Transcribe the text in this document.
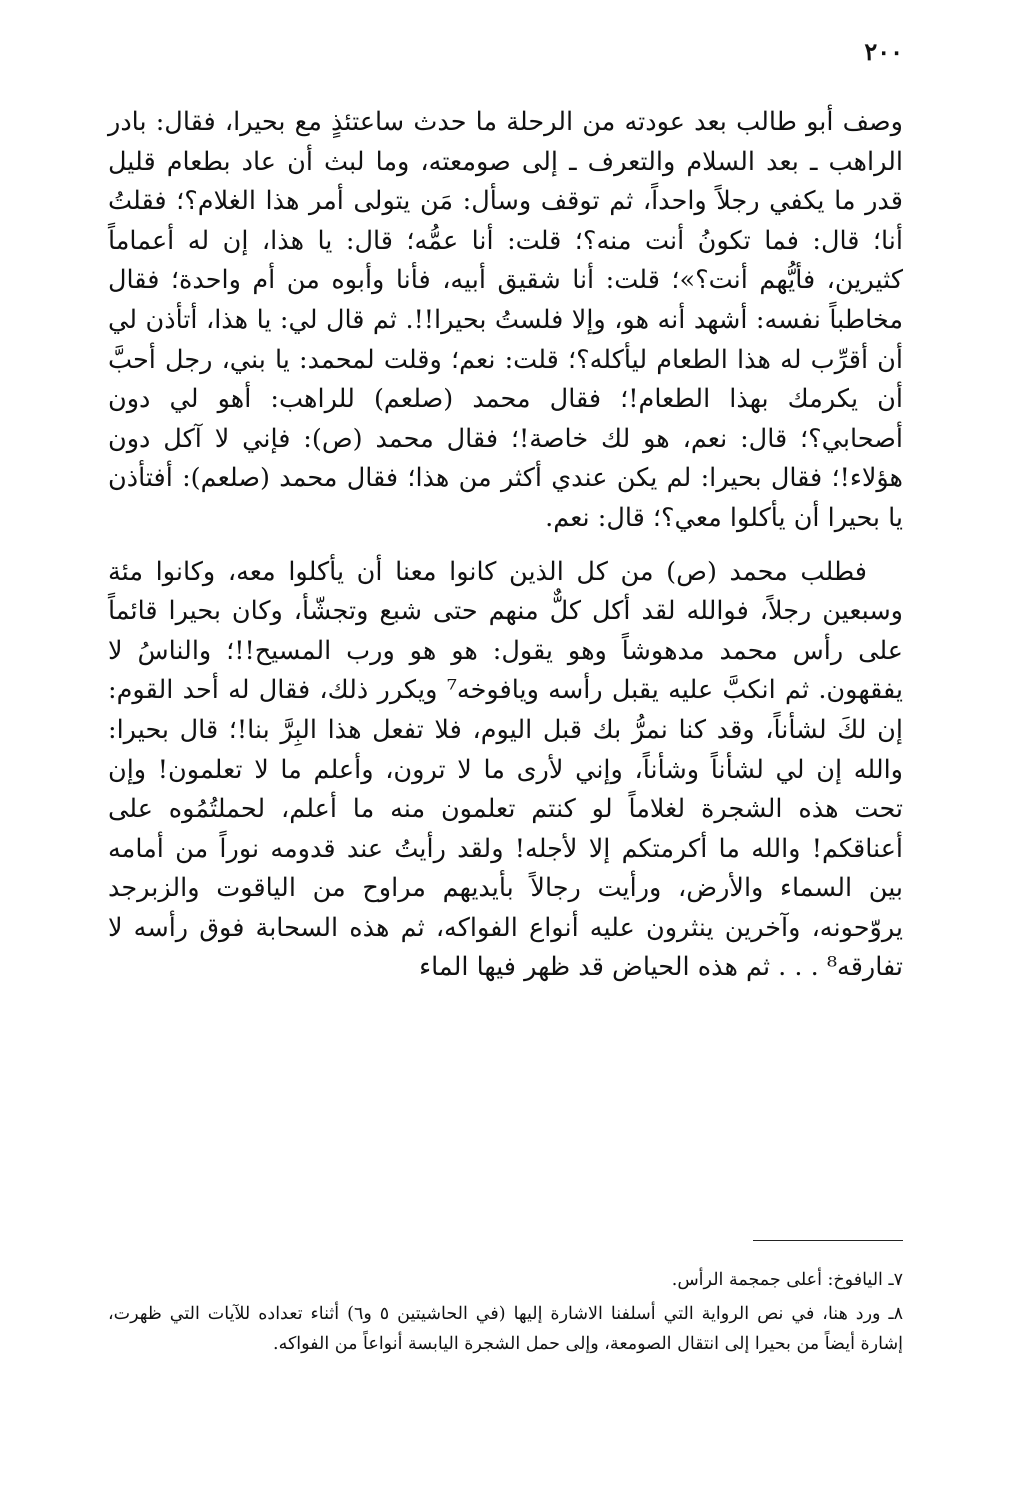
٢٠٠

وصف أبو طالب بعد عودته من الرحلة ما حدث ساعتئذٍ مع بحيرا، فقال: بادر الراهب ـ بعد السلام والتعرف ـ إلى صومعته، وما لبث أن عاد بطعام قليل قدر ما يكفي رجلاً واحداً، ثم توقف وسأل: مَن يتولى أمر هذا الغلام؟؛ فقلتُ أنا؛ قال: فما تكونُ أنت منه؟؛ قلت: أنا عمُّه؛ قال: يا هذا، إن له أعماماً كثيرين، فأيُّهم أنت؟»؛ قلت: أنا شقيق أبيه، فأنا وأبوه من أم واحدة؛ فقال مخاطباً نفسه: أشهد أنه هو، وإلا فلستُ بحيرا!!. ثم قال لي: يا هذا، أتأذن لي أن أقرِّب له هذا الطعام ليأكله؟؛ قلت: نعم؛ وقلت لمحمد: يا بني، رجل أحبَّ أن يكرمك بهذا الطعام!؛ فقال محمد (صلعم) للراهب: أهو لي دون أصحابي؟؛ قال: نعم، هو لك خاصة!؛ فقال محمد (ص): فإني لا آكل دون هؤلاء!؛ فقال بحيرا: لم يكن عندي أكثر من هذا؛ فقال محمد (صلعم): أفتأذن يا بحيرا أن يأكلوا معي؟؛ قال: نعم.

فطلب محمد (ص) من كل الذين كانوا معنا أن يأكلوا معه، وكانوا مئة وسبعين رجلاً، فوالله لقد أكل كلٌّ منهم حتى شبع وتجشّأ، وكان بحيرا قائماً على رأس محمد مدهوشاً وهو يقول: هو هو ورب المسيح!!؛ والناسُ لا يفقهون. ثم انكبَّ عليه يقبل رأسه ويافوخه⁷ ويكرر ذلك، فقال له أحد القوم: إن لكَ لشأناً، وقد كنا نمرُّ بك قبل اليوم، فلا تفعل هذا البِرَّ بنا!؛ قال بحيرا: والله إن لي لشأناً وشأناً، وإني لأرى ما لا ترون، وأعلم ما لا تعلمون! وإن تحت هذه الشجرة لغلاماً لو كنتم تعلمون منه ما أعلم، لحملتُمُوه على أعناقكم! والله ما أكرمتكم إلا لأجله! ولقد رأيتُ عند قدومه نوراً من أمامه بين السماء والأرض، ورأيت رجالاً بأيديهم مراوح من الياقوت والزبرجد يروّحونه، وآخرين ينثرون عليه أنواع الفواكه، ثم هذه السحابة فوق رأسه لا تفارقه⁸ . . . ثم هذه الحياض قد ظهر فيها الماء

٧ـ اليافوخ: أعلى جمجمة الرأس.

٨ـ ورد هنا، في نص الرواية التي أسلفنا الاشارة إليها (في الحاشيتين ٥ و٦) أثناء تعداده للآيات التي ظهرت، إشارة أيضاً من بحيرا إلى انتقال الصومعة، وإلى حمل الشجرة اليابسة أنواعاً من الفواكه.
